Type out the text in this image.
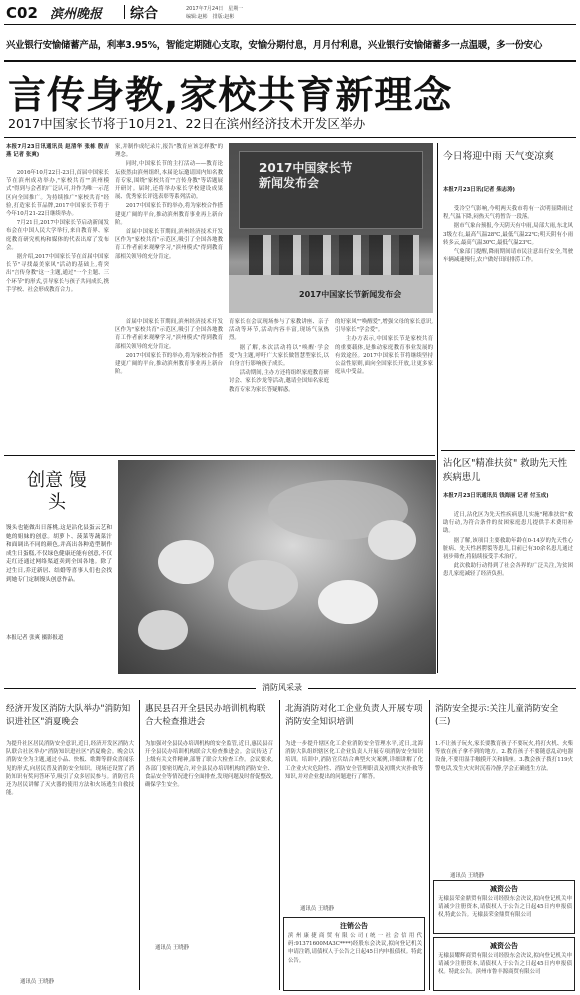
C02 滨州晚报 综合	2017年7月24日　星期一
编辑:赵彬　排版:赵彬
兴业银行安愉储蓄产品，利率3.95%，智能定期随心支取，安愉分期付息，月月付利息，兴业银行安愉储蓄多一点温暖，多一份安心
言传身教,家校共育新理念
2017中国家长节将于10月21、22日在滨州经济技术开发区举办
本报7月23日讯通讯员 赵清华 张栋 殷吉燕 记者 张爽)

2016年10月22日-23日,首届中国家长节在滨州成功举办,"家校共育""滨州模式"得到与会者的广泛认可,并作为唯一示范区向全国推广。为持续推广"家校共育"经验,打造家长节品牌,2017中国家长节将于今年10月21-22日继续举办。

7月21日,2017中国家长节启动新闻发布会在中国人民大学举行,来自教育界、家庭教育研究机构和媒体的代表出席了发布会。

据介绍,2017中国家长节在首届中国家长节"寻找最美家风"活动的基础上,将突出"言传身教"这一主题,通过"一个主题、三个环节"的形式,引导家长与孩子共同成长,携手学校、社会形成教育合力。

家,并制作成纪录片,报告"教育应该怎样教"的理念。

同时,中国家长节的主打活动——教育论坛依然由滨州组织,本届论坛邀请国内知名教育专家,围绕"家校共育""言传身教"等话题展开研讨。届时,还将举办家长学校建设成果展、优秀家长评选表彰等系列活动。

2017中国家长节的举办,将为家校合作搭建更广阔的平台,推动滨州教育事业再上新台阶。

首届中国家长节期间,滨州经济技术开发区作为"家校共育"示范区,吸引了全国各地教育工作者前来观摩学习,"滨州模式"得到教育部相关领导的充分肯定。

首届中国家长节期间,滨州经济技术开发区作为"家校共育"示范区,吸引了全国各地教育工作者前来观摩学习,"滨州模式"得到教育部相关领导的充分肯定。

2017中国家长节的举办,将为家校合作搭建更广阔的平台,推动滨州教育事业再上新台阶。

育家长在会议现场参与了家教讲座、亲子活动等环节,活动内容丰富,现场气氛热烈。

据了解,本次活动将以"唤醒·学会爱"为主题,呼吁广大家长做智慧型家长,以自身言行影响孩子成长。

活动期间,主办方还将组织家庭教育研讨会、家长沙龙等活动,邀请全国知名家庭教育专家为家长答疑解惑。

的好家风""唤醒爱",增强父母的家长意识,引导家长"学会爱"。

主办方表示,中国家长节是家校共育的重要载体,是推动家庭教育事业发展的有效途径。2017中国家长节将继续坚持公益性原则,面向全国家长开放,让更多家庭从中受益。

2017中国家长节
新闻发布会
2017中国家长节新闻发布会
今日将迎中雨 天气变凉爽
本报7月23日讯(记者 柴志涛)

受冷空气影响,今明两天我市将有一次明显降雨过程,气温下降,闷热天气将暂告一段落。

据市气象台预报,今天阴天有中雨,局部大雨,东北风3级左右,最高气温28℃,最低气温22℃;明天阴有小雨转多云,最高气温30℃,最低气温23℃。

气象部门提醒,降雨期间请市民注意出行安全,驾驶车辆减速慢行,农户做好田间排涝工作。

沾化区"精准扶贫" 救助先天性疾病患儿
本报7月23日讯通讯员 钱海丽 记者 付玉成)

近日,沾化区为先天性疾病患儿实施"精准扶贫"救助行动,为符合条件的贫困家庭患儿提供手术费用补助。

据了解,该项目主要救助年龄在0-14岁的先天性心脏病、先天性唇腭裂等患儿,目前已有30余名患儿通过初步筛查,将陆续接受手术治疗。

此次救助行动得到了社会各界的广泛关注,为贫困患儿家庭减轻了经济负担。

创意 馒头
馒头也能做出日落桃,这是沾化县蛋云艺和她的姐妹的创意。胡萝卜、菠菜等蔬菜汁和面调出不同的颜色,并高出各种造型制作成生日蛋糕,不仅绿色健康还能有创意,不仅走红还通过网络渠道卖到全国各地。除了过生日,乔迁新居、结婚等喜事人们也会找到她专门定制馒头创意作品。
本报记者 张爽 摄影报道
消防风采录
经济开发区消防大队举办"消防知识进社区"消夏晚会
为提升社区居民消防安全意识,近日,经济开发区消防大队联合社区举办"消防知识进社区"消夏晚会。晚会以消防安全为主题,通过小品、快板、歌舞等群众喜闻乐见的形式,向居民普及消防安全知识。现场还设置了消防知识有奖问答环节,吸引了众多居民参与。消防官兵还为居民讲解了灭火器的使用方法和火场逃生自救技能。
通讯员 王晓静
惠民县召开全县民办培训机构联合大检查推进会
为加强对全县民办培训机构的安全监管,近日,惠民县召开全县民办培训机构联合大检查推进会。会议传达了上级有关文件精神,部署了联合大检查工作。会议要求,各部门要密切配合,对全县民办培训机构的消防安全、食品安全等情况进行全面排查,发现问题及时督促整改,确保学生安全。
通讯员 王晓静
北海消防对化工企业负责人开展专项消防安全知识培训
为进一步提升辖区化工企业消防安全管理水平,近日,北海消防大队组织辖区化工企业负责人开展专项消防安全知识培训。培训中,消防官兵结合典型火灾案例,详细讲解了化工企业火灾危险性、消防安全管理职责及初期火灾扑救等知识,并对企业提出的问题进行了解答。
通讯员 王晓静
消防安全提示:关注儿童消防安全(三)
1.不让孩子玩火,家长要教育孩子不要玩火,将打火机、火柴等放在孩子拿不到的地方。2.教育孩子不要随意乱动电器设备,不要用湿手触摸开关和插座。3.教会孩子拨打119火警电话,发生火灾时沉着冷静,学会正确逃生方法。
通讯员 王晓静
注销公告
滨州康捷商贸有限公司(统一社会信用代码:91371600MA3C****)经股东会决议,拟向登记机关申请注销,请债权人于公告之日起45日内申报债权。特此公告。
减资公告
无棣县荣金鼎贸有限公司经股东会决议,拟向登记机关申请减少注册资本,请债权人于公告之日起45日内申报债权,特此公告。无棣县荣金鼎贸有限公司
减资公告
无棣县耀辉商贸有限公司经股东会决议,拟向登记机关申请减少注册资本,请债权人于公告之日起45日内申报债权。特此公告。滨州市鲁丰源商贸有限公司
